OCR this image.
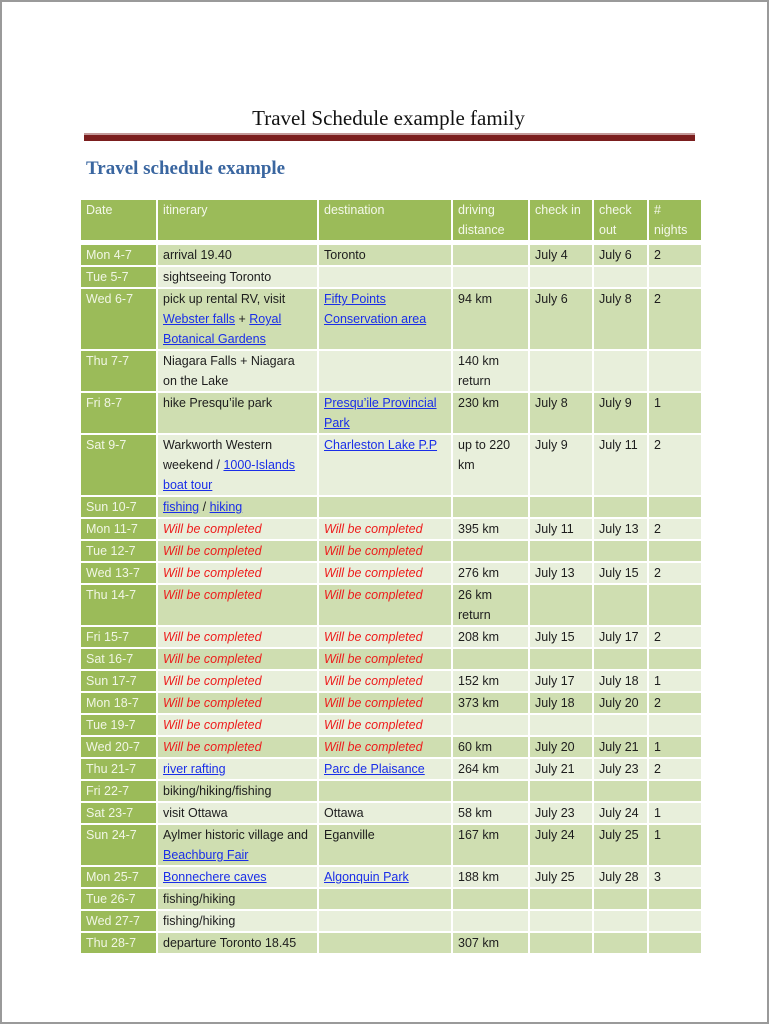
Travel Schedule example family
Travel schedule example
Date	itinerary	destination	driving distance	check in	check out	# nights
Mon 4-7	arrival 19.40	Toronto		July 4	July 6	2
Tue 5-7	sightseeing Toronto					
Wed 6-7	pick up rental RV, visit Webster falls + Royal Botanical Gardens	Fifty Points Conservation area	94 km	July 6	July 8	2
Thu 7-7	Niagara Falls + Niagara on the Lake		140 km return			
Fri 8-7	hike Presqu’ile park	Presqu’ile Provincial Park	230 km	July 8	July 9	1
Sat 9-7	Warkworth Western weekend / 1000-Islands boat tour	Charleston Lake P.P	up to 220 km	July 9	July 11	2
Sun 10-7	fishing / hiking					
Mon 11-7	Will be completed	Will be completed	395 km	July 11	July 13	2
Tue 12-7	Will be completed	Will be completed				
Wed 13-7	Will be completed	Will be completed	276 km	July 13	July 15	2
Thu 14-7	Will be completed	Will be completed	26 km return			
Fri 15-7	Will be completed	Will be completed	208 km	July 15	July 17	2
Sat 16-7	Will be completed	Will be completed				
Sun 17-7	Will be completed	Will be completed	152 km	July 17	July 18	1
Mon 18-7	Will be completed	Will be completed	373 km	July 18	July 20	2
Tue 19-7	Will be completed	Will be completed				
Wed 20-7	Will be completed	Will be completed	60 km	July 20	July 21	1
Thu 21-7	river rafting	Parc de Plaisance	264 km	July 21	July 23	2
Fri 22-7	biking/hiking/fishing					
Sat 23-7	visit Ottawa	Ottawa	58 km	July 23	July 24	1
Sun 24-7	Aylmer historic village and Beachburg Fair	Eganville	167 km	July 24	July 25	1
Mon 25-7	Bonnechere caves	Algonquin Park	188 km	July 25	July 28	3
Tue 26-7	fishing/hiking					
Wed 27-7	fishing/hiking					
Thu 28-7	departure Toronto 18.45		307 km			
